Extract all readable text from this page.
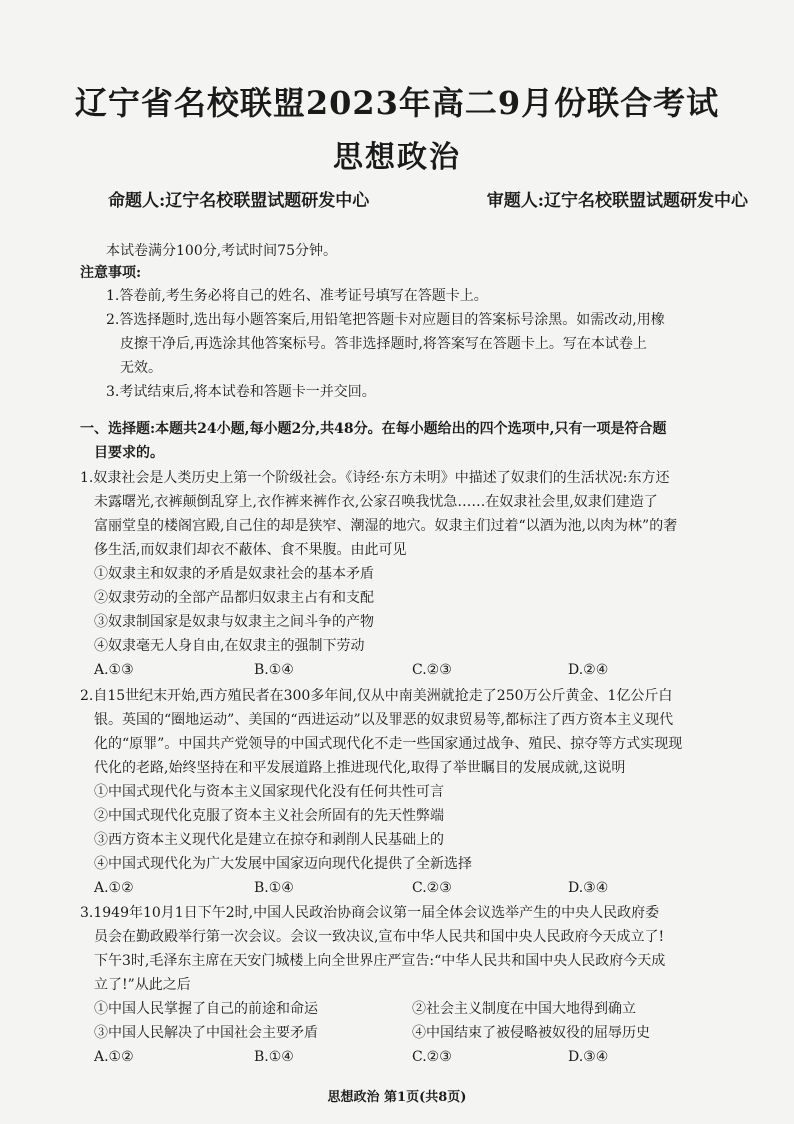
辽宁省名校联盟2023年高二9月份联合考试
思想政治
命题人:辽宁名校联盟试题研发中心	审题人:辽宁名校联盟试题研发中心
本试卷满分100分,考试时间75分钟。
注意事项:
1.答卷前,考生务必将自己的姓名、准考证号填写在答题卡上。
2.答选择题时,选出每小题答案后,用铅笔把答题卡对应题目的答案标号涂黑。如需改动,用橡
皮擦干净后,再选涂其他答案标号。答非选择题时,将答案写在答题卡上。写在本试卷上
无效。
3.考试结束后,将本试卷和答题卡一并交回。
一、选择题:本题共24小题,每小题2分,共48分。在每小题给出的四个选项中,只有一项是符合题
目要求的。
1.奴隶社会是人类历史上第一个阶级社会。《诗经·东方未明》中描述了奴隶们的生活状况:东方还
未露曙光,衣裤颠倒乱穿上,衣作裤来裤作衣,公家召唤我忧急……在奴隶社会里,奴隶们建造了
富丽堂皇的楼阁宫殿,自己住的却是狭窄、潮湿的地穴。奴隶主们过着“以酒为池,以肉为林”的奢
侈生活,而奴隶们却衣不蔽体、食不果腹。由此可见
①奴隶主和奴隶的矛盾是奴隶社会的基本矛盾
②奴隶劳动的全部产品都归奴隶主占有和支配
③奴隶制国家是奴隶与奴隶主之间斗争的产物
④奴隶毫无人身自由,在奴隶主的强制下劳动
A.①③	B.①④	C.②③	D.②④
2.自15世纪末开始,西方殖民者在300多年间,仅从中南美洲就抢走了250万公斤黄金、1亿公斤白
银。英国的“圈地运动”、美国的“西进运动”以及罪恶的奴隶贸易等,都标注了西方资本主义现代
化的“原罪”。中国共产党领导的中国式现代化不走一些国家通过战争、殖民、掠夺等方式实现现
代化的老路,始终坚持在和平发展道路上推进现代化,取得了举世瞩目的发展成就,这说明
①中国式现代化与资本主义国家现代化没有任何共性可言
②中国式现代化克服了资本主义社会所固有的先天性弊端
③西方资本主义现代化是建立在掠夺和剥削人民基础上的
④中国式现代化为广大发展中国家迈向现代化提供了全新选择
A.①②	B.①④	C.②③	D.③④
3.1949年10月1日下午2时,中国人民政治协商会议第一届全体会议选举产生的中央人民政府委
员会在勤政殿举行第一次会议。会议一致决议,宣布中华人民共和国中央人民政府今天成立了!
下午3时,毛泽东主席在天安门城楼上向全世界庄严宣告:“中华人民共和国中央人民政府今天成
立了!”从此之后
①中国人民掌握了自己的前途和命运	②社会主义制度在中国大地得到确立
③中国人民解决了中国社会主要矛盾	④中国结束了被侵略被奴役的屈辱历史
A.①②	B.①④	C.②③	D.③④
思想政治 第1页(共8页)
